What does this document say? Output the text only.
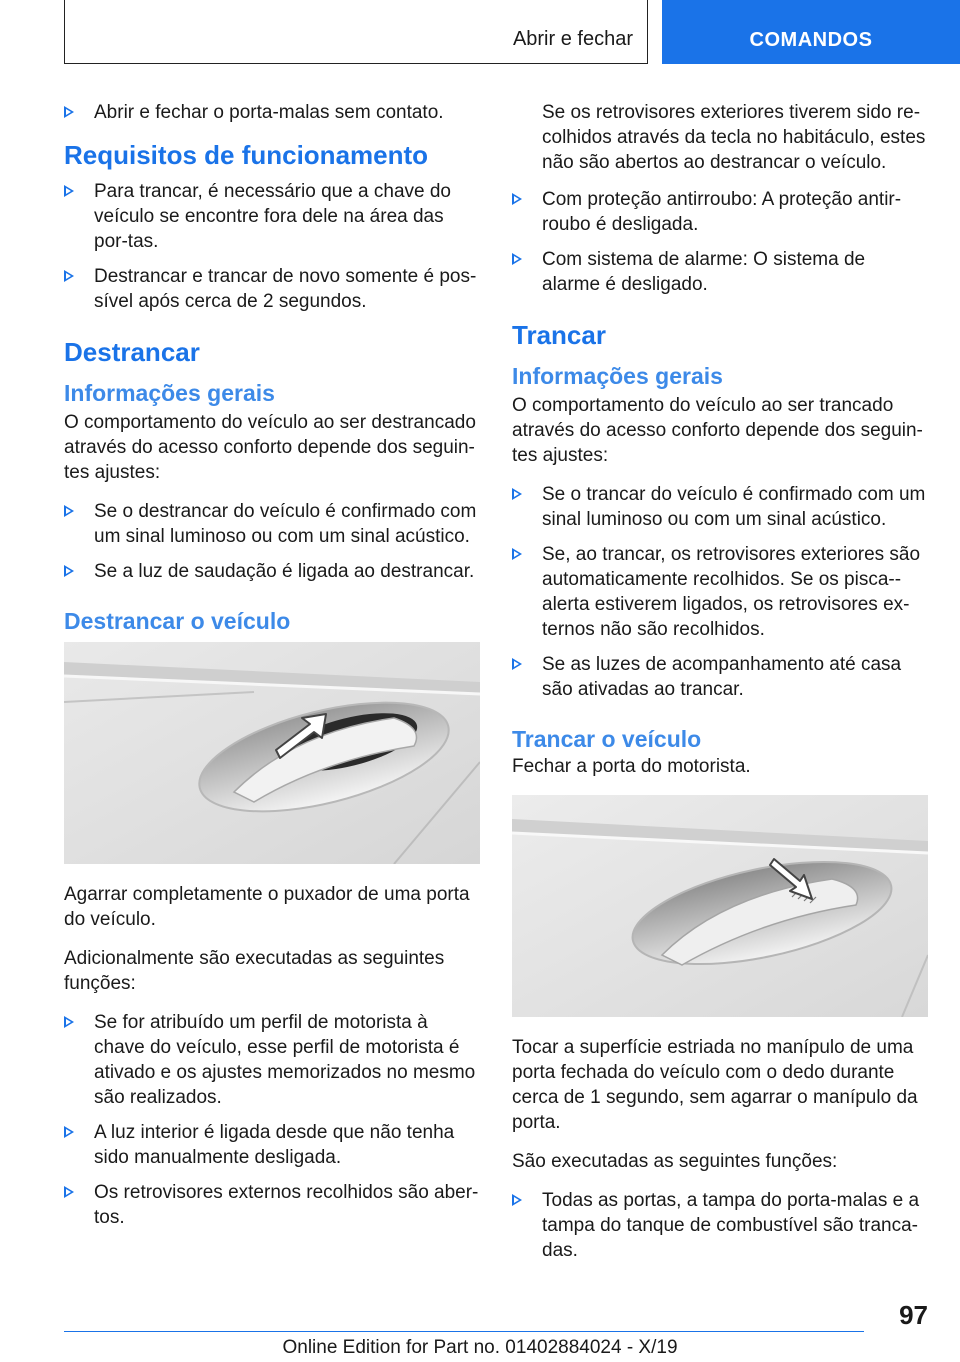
Abrir e fechar	COMANDOS
Abrir e fechar o porta-malas sem contato.
Requisitos de funcionamento
Para trancar, é necessário que a chave do veículo se encontre fora dele na área das por-tas.
Destrancar e trancar de novo somente é pos-sível após cerca de 2 segundos.
Destrancar
Informações gerais

O comportamento do veículo ao ser destrancado através do acesso conforto depende dos seguin-tes ajustes:

Se o destrancar do veículo é confirmado com um sinal luminoso ou com um sinal acústico.
Se a luz de saudação é ligada ao destrancar.
Destrancar o veículo

Agarrar completamente o puxador de uma porta do veículo.

Adicionalmente são executadas as seguintes funções:

Se for atribuído um perfil de motorista à chave do veículo, esse perfil de motorista é ativado e os ajustes memorizados no mesmo são realizados.
A luz interior é ligada desde que não tenha sido manualmente desligada.
Os retrovisores externos recolhidos são aber-tos.

Se os retrovisores exteriores tiverem sido re-colhidos através da tecla no habitáculo, estes não são abertos ao destrancar o veículo.

Com proteção antirroubo: A proteção antir-roubo é desligada.
Com sistema de alarme: O sistema de alarme é desligado.
Trancar
Informações gerais

O comportamento do veículo ao ser trancado através do acesso conforto depende dos seguin-tes ajustes:

Se o trancar do veículo é confirmado com um sinal luminoso ou com um sinal acústico.
Se, ao trancar, os retrovisores exteriores são automaticamente recolhidos. Se os pisca--alerta estiverem ligados, os retrovisores ex-ternos não são recolhidos.
Se as luzes de acompanhamento até casa são ativadas ao trancar.
Trancar o veículo

Fechar a porta do motorista.

Tocar a superfície estriada no manípulo de uma porta fechada do veículo com o dedo durante cerca de 1 segundo, sem agarrar o manípulo da porta.

São executadas as seguintes funções:

Todas as portas, a tampa do porta-malas e a tampa do tanque de combustível são tranca-das.
97
Online Edition for Part no. 01402884024 - X/19
